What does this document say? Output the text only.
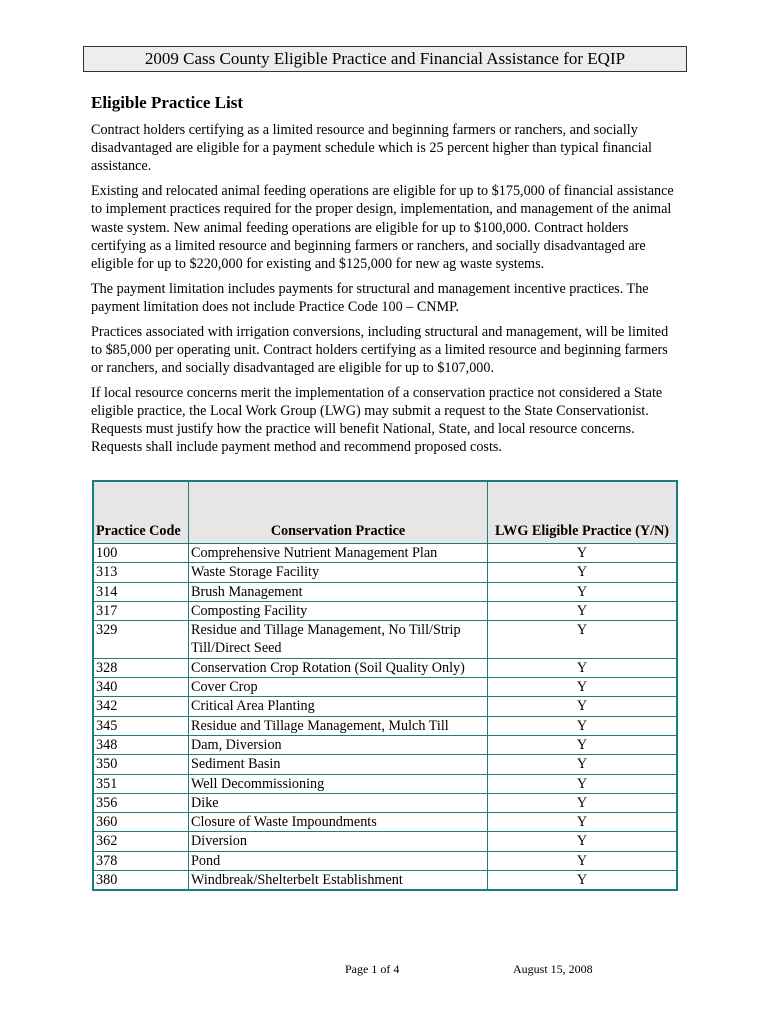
2009 Cass County Eligible Practice and Financial Assistance for EQIP
Eligible Practice List

Contract holders certifying as a limited resource and beginning farmers or ranchers, and socially disadvantaged are eligible for a payment schedule which is 25 percent higher than typical financial assistance.

Existing and relocated animal feeding operations are eligible for up to $175,000 of financial assistance to implement practices required for the proper design, implementation, and management of the animal waste system. New animal feeding operations are eligible for up to $100,000. Contract holders certifying as a limited resource and beginning farmers or ranchers, and socially disadvantaged are eligible for up to $220,000 for existing and $125,000 for new ag waste systems.

The payment limitation includes payments for structural and management incentive practices. The payment limitation does not include Practice Code 100 – CNMP.

Practices associated with irrigation conversions, including structural and management, will be limited to $85,000 per operating unit. Contract holders certifying as a limited resource and beginning farmers or ranchers, and socially disadvantaged are eligible for up to $107,000.

If local resource concerns merit the implementation of a conservation practice not considered a State eligible practice, the Local Work Group (LWG) may submit a request to the State Conservationist. Requests must justify how the practice will benefit National, State, and local resource concerns. Requests shall include payment method and recommend proposed costs.

Practice Code	Conservation Practice	LWG Eligible Practice (Y/N)
100	Comprehensive Nutrient Management Plan	Y
313	Waste Storage Facility	Y
314	Brush Management	Y
317	Composting Facility	Y
329	Residue and Tillage Management, No Till/Strip Till/Direct Seed	Y
328	Conservation Crop Rotation (Soil Quality Only)	Y
340	Cover Crop	Y
342	Critical Area Planting	Y
345	Residue and Tillage Management, Mulch Till	Y
348	Dam, Diversion	Y
350	Sediment Basin	Y
351	Well Decommissioning	Y
356	Dike	Y
360	Closure of Waste Impoundments	Y
362	Diversion	Y
378	Pond	Y
380	Windbreak/Shelterbelt Establishment	Y
Page 1 of 4	August 15, 2008
